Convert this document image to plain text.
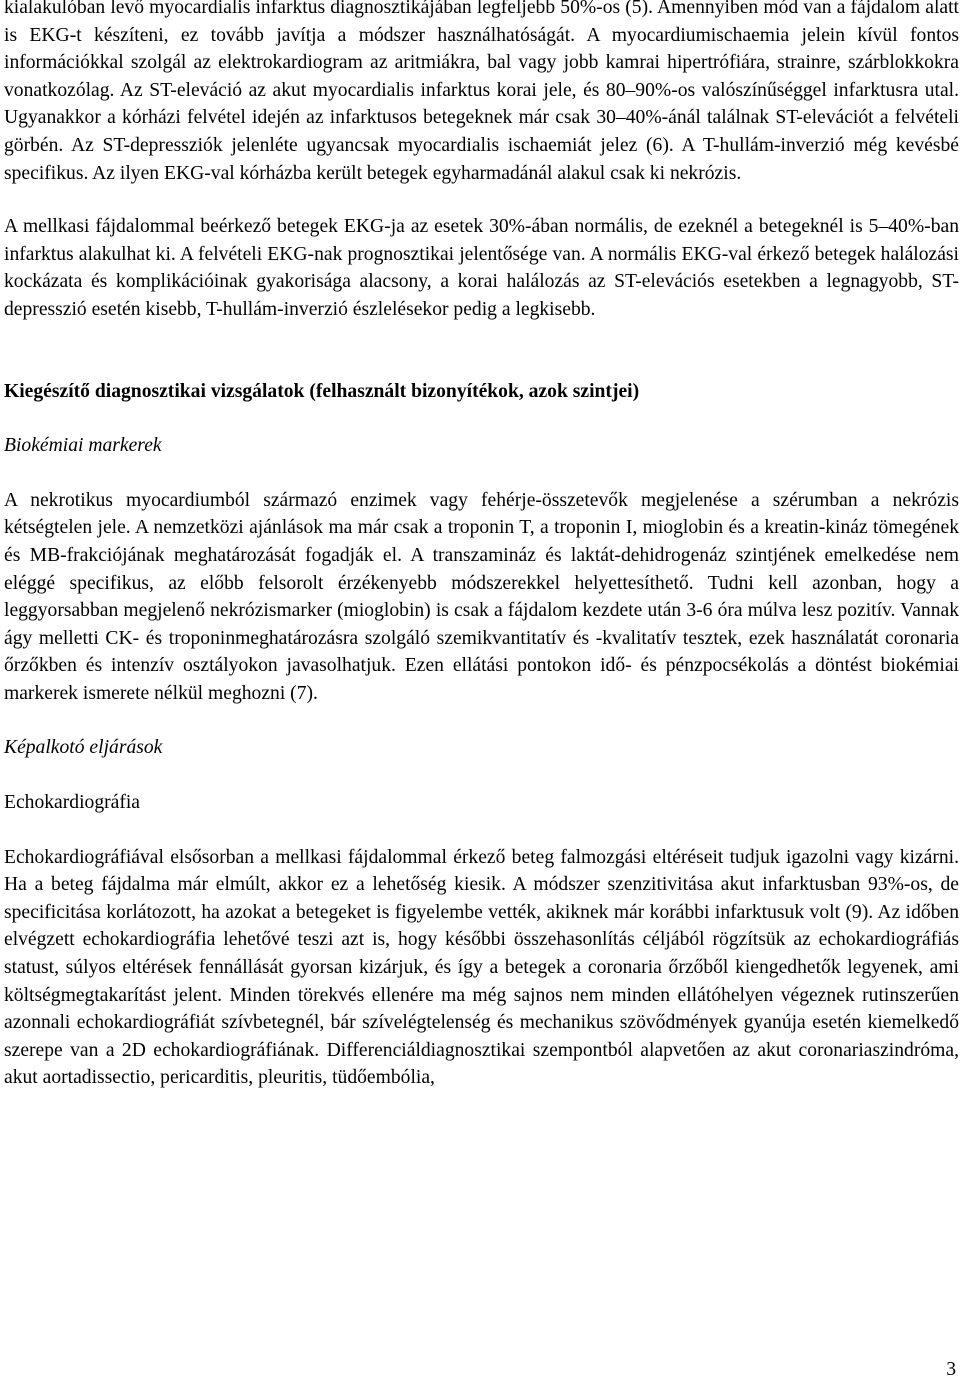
kialakulóban levő myocardialis infarktus diagnosztikájában legfeljebb 50%-os (5). Amennyiben mód van a fájdalom alatt is EKG-t készíteni, ez tovább javítja a módszer használhatóságát. A myocardiumischaemia jelein kívül fontos információkkal szolgál az elektrokardiogram az aritmiákra, bal vagy jobb kamrai hipertrófiára, strainre, szárblokkokra vonatkozólag. Az ST-eleváció az akut myocardialis infarktus korai jele, és 80–90%-os valószínűséggel infarktusra utal. Ugyanakkor a kórházi felvétel idején az infarktusos betegeknek már csak 30–40%-ánál találnak ST-elevációt a felvételi görbén. Az ST-depressziók jelenléte ugyancsak myocardialis ischaemiát jelez (6). A T-hullám-inverzió még kevésbé specifikus. Az ilyen EKG-val kórházba került betegek egyharmadánál alakul csak ki nekrózis.

A mellkasi fájdalommal beérkező betegek EKG-ja az esetek 30%-ában normális, de ezeknél a betegeknél is 5–40%-ban infarktus alakulhat ki. A felvételi EKG-nak prognosztikai jelentősége van. A normális EKG-val érkező betegek halálozási kockázata és komplikációinak gyakorisága alacsony, a korai halálozás az ST-elevációs esetekben a legnagyobb, ST-depresszió esetén kisebb, T-hullám-inverzió észlelésekor pedig a legkisebb.

Kiegészítő diagnosztikai vizsgálatok (felhasznált bizonyítékok, azok szintjei)

Biokémiai markerek

A nekrotikus myocardiumból származó enzimek vagy fehérje-összetevők megjelenése a szérumban a nekrózis kétségtelen jele. A nemzetközi ajánlások ma már csak a troponin T, a troponin I, mioglobin és a kreatin-kináz tömegének és MB-frakciójának meghatározását fogadják el. A transzamináz és laktát-dehidrogenáz szintjének emelkedése nem eléggé specifikus, az előbb felsorolt érzékenyebb módszerekkel helyettesíthető. Tudni kell azonban, hogy a leggyorsabban megjelenő nekrózismarker (mioglobin) is csak a fájdalom kezdete után 3-6 óra múlva lesz pozitív. Vannak ágy melletti CK- és troponinmeghatározásra szolgáló szemikvantitatív és -kvalitatív tesztek, ezek használatát coronaria őrzőkben és intenzív osztályokon javasolhatjuk. Ezen ellátási pontokon idő- és pénzpocsékolás a döntést biokémiai markerek ismerete nélkül meghozni (7).

Képalkotó eljárások

Echokardiográfia

Echokardiográfiával elsősorban a mellkasi fájdalommal érkező beteg falmozgási eltéréseit tudjuk igazolni vagy kizárni. Ha a beteg fájdalma már elmúlt, akkor ez a lehetőség kiesik. A módszer szenzitivitása akut infarktusban 93%-os, de specificitása korlátozott, ha azokat a betegeket is figyelembe vették, akiknek már korábbi infarktusuk volt (9). Az időben elvégzett echokardiográfia lehetővé teszi azt is, hogy későbbi összehasonlítás céljából rögzítsük az echokardiográfiás statust, súlyos eltérések fennállását gyorsan kizárjuk, és így a betegek a coronaria őrzőből kiengedhetők legyenek, ami költségmegtakarítást jelent. Minden törekvés ellenére ma még sajnos nem minden ellátóhelyen végeznek rutinszerűen azonnali echokardiográfiát szívbetegnél, bár szívelégtelenség és mechanikus szövődmények gyanúja esetén kiemelkedő szerepe van a 2D echokardiográfiának. Differenciáldiagnosztikai szempontból alapvetően az akut coronariaszindróma, akut aortadissectio, pericarditis, pleuritis, tüdőembólia,

3
